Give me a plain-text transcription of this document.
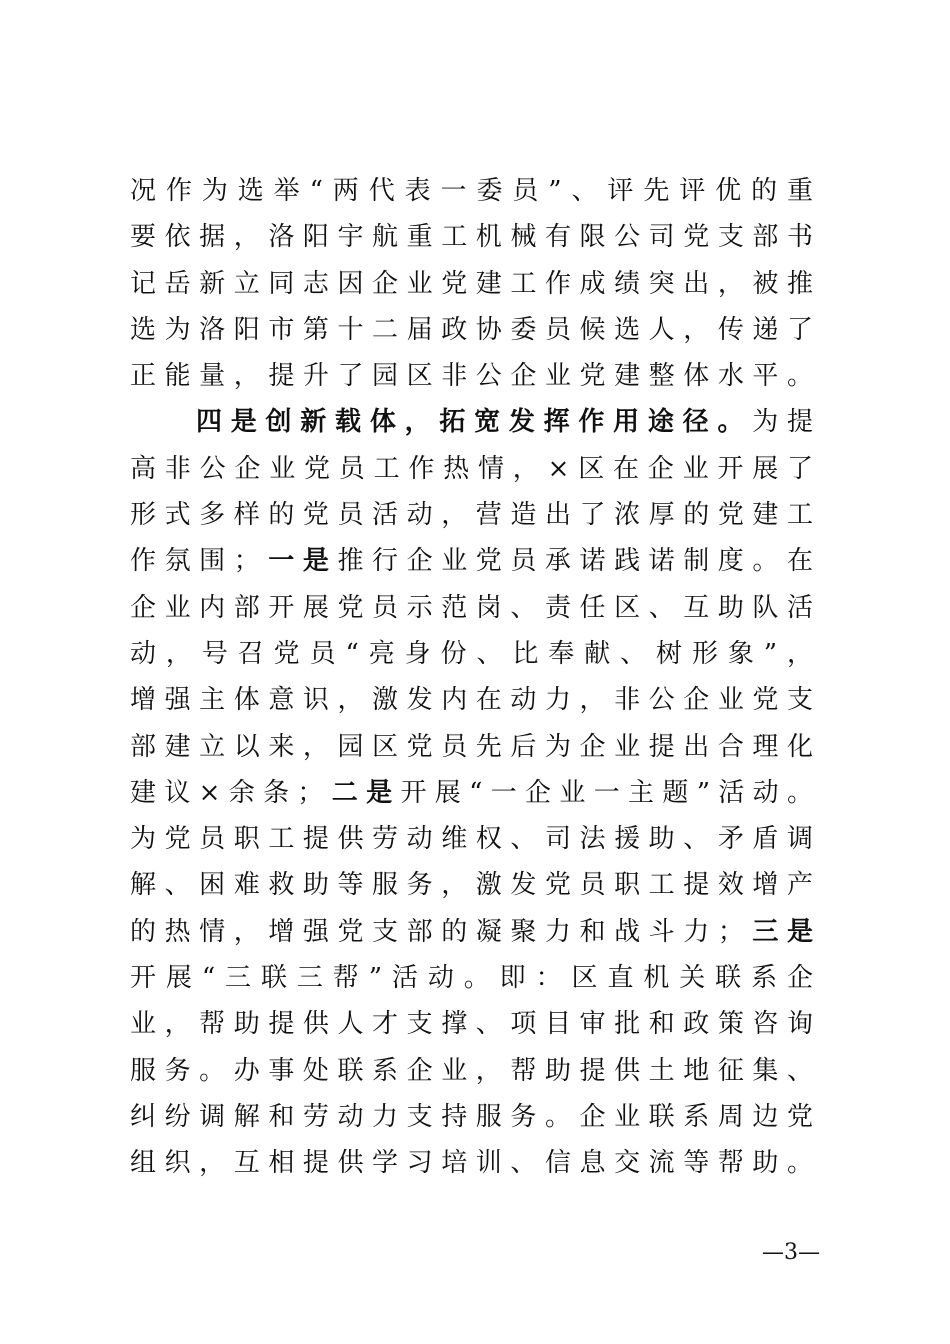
况作为选举“两代表一委员”、评先评优的重
要依据，洛阳宇航重工机械有限公司党支部书
记岳新立同志因企业党建工作成绩突出，被推
选为洛阳市第十二届政协委员候选人，传递了
正能量，提升了园区非公企业党建整体水平。
四是创新载体，拓宽发挥作用途径。为提
高非公企业党员工作热情，×区在企业开展了
形式多样的党员活动，营造出了浓厚的党建工
作氛围；一是推行企业党员承诺践诺制度。在
企业内部开展党员示范岗、责任区、互助队活
动，号召党员“亮身份、比奉献、树形象”，
增强主体意识，激发内在动力，非公企业党支
部建立以来，园区党员先后为企业提出合理化
建议×余条；二是开展“一企业一主题”活动。
为党员职工提供劳动维权、司法援助、矛盾调
解、困难救助等服务，激发党员职工提效增产
的热情，增强党支部的凝聚力和战斗力；三是
开展“三联三帮”活动。即：区直机关联系企
业，帮助提供人才支撑、项目审批和政策咨询
服务。办事处联系企业，帮助提供土地征集、
纠纷调解和劳动力支持服务。企业联系周边党
组织，互相提供学习培训、信息交流等帮助。
—3—
